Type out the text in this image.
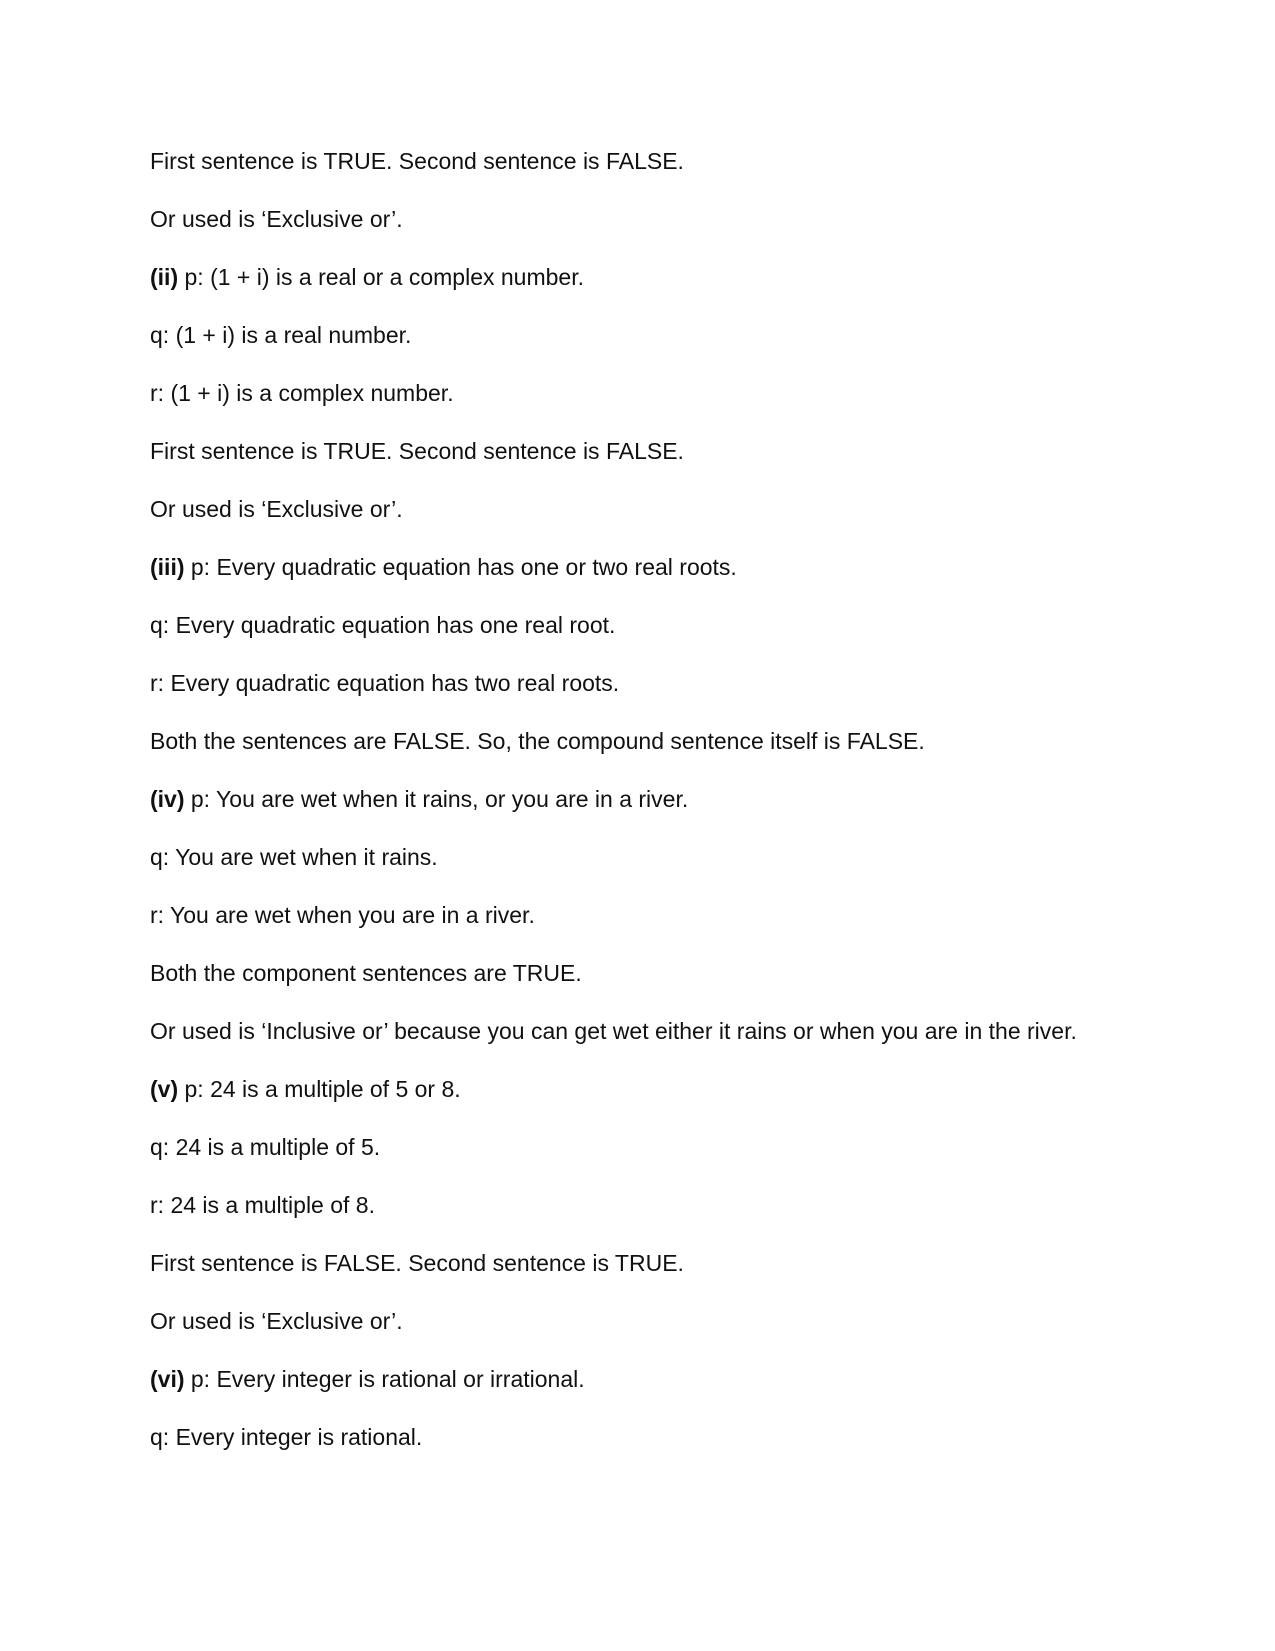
First sentence is TRUE. Second sentence is FALSE.

Or used is ‘Exclusive or’.

(ii) p: (1 + i) is a real or a complex number.

q: (1 + i) is a real number.

r: (1 + i) is a complex number.

First sentence is TRUE. Second sentence is FALSE.

Or used is ‘Exclusive or’.

(iii) p: Every quadratic equation has one or two real roots.

q: Every quadratic equation has one real root.

r: Every quadratic equation has two real roots.

Both the sentences are FALSE. So, the compound sentence itself is FALSE.

(iv) p: You are wet when it rains, or you are in a river.

q: You are wet when it rains.

r: You are wet when you are in a river.

Both the component sentences are TRUE.

Or used is ‘Inclusive or’ because you can get wet either it rains or when you are in the river.

(v) p: 24 is a multiple of 5 or 8.

q: 24 is a multiple of 5.

r: 24 is a multiple of 8.

First sentence is FALSE. Second sentence is TRUE.

Or used is ‘Exclusive or’.

(vi) p: Every integer is rational or irrational.

q: Every integer is rational.
